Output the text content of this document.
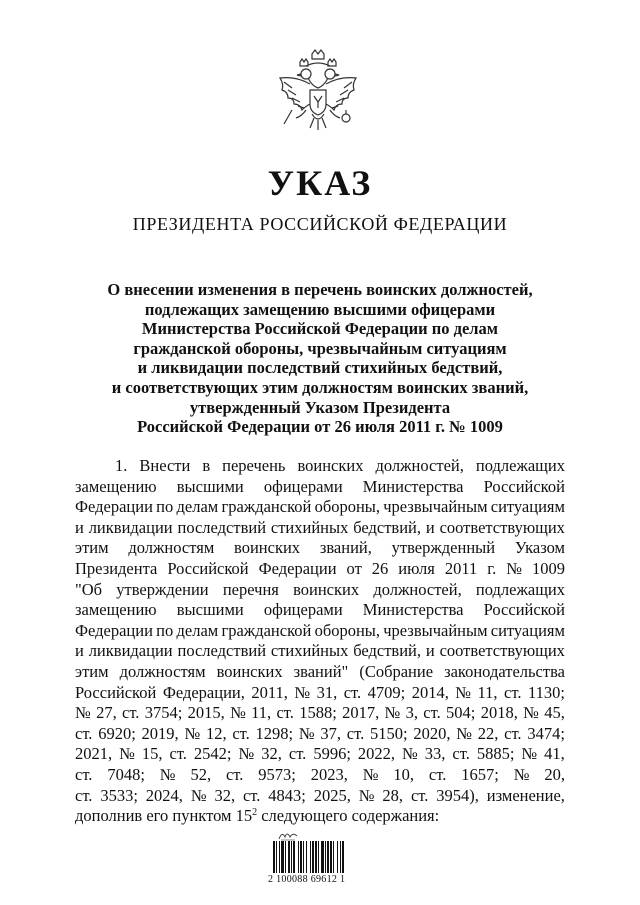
УКАЗ
ПРЕЗИДЕНТА РОССИЙСКОЙ ФЕДЕРАЦИИ
О внесении изменения в перечень воинских должностей,
подлежащих замещению высшими офицерами
Министерства Российской Федерации по делам
гражданской обороны, чрезвычайным ситуациям
и ликвидации последствий стихийных бедствий,
и соответствующих этим должностям воинских званий,
утвержденный Указом Президента
Российской Федерации от 26 июля 2011 г. № 1009
1. Внести в перечень воинских должностей, подлежащих
замещению высшими офицерами Министерства Российской
Федерации по делам гражданской обороны, чрезвычайным ситуациям
и ликвидации последствий стихийных бедствий, и соответствующих
этим должностям воинских званий, утвержденный Указом
Президента Российской Федерации от 26 июля 2011 г. № 1009
"Об утверждении перечня воинских должностей, подлежащих
замещению высшими офицерами Министерства Российской
Федерации по делам гражданской обороны, чрезвычайным ситуациям
и ликвидации последствий стихийных бедствий, и соответствующих
этим должностям воинских званий" (Собрание законодательства
Российской Федерации, 2011, № 31, ст. 4709; 2014, № 11, ст. 1130;
№ 27, ст. 3754; 2015, № 11, ст. 1588; 2017, № 3, ст. 504; 2018, № 45,
ст. 6920; 2019, № 12, ст. 1298; № 37, ст. 5150; 2020, № 22, ст. 3474;
2021, № 15, ст. 2542; № 32, ст. 5996; 2022, № 33, ст. 5885; № 41,
ст. 7048; № 52, ст. 9573; 2023, № 10, ст. 1657; № 20,
ст. 3533; 2024, № 32, ст. 4843; 2025, № 28, ст. 3954), изменение,
дополнив его пунктом $15^2$ следующего содержания:
2 100088 69612 1
